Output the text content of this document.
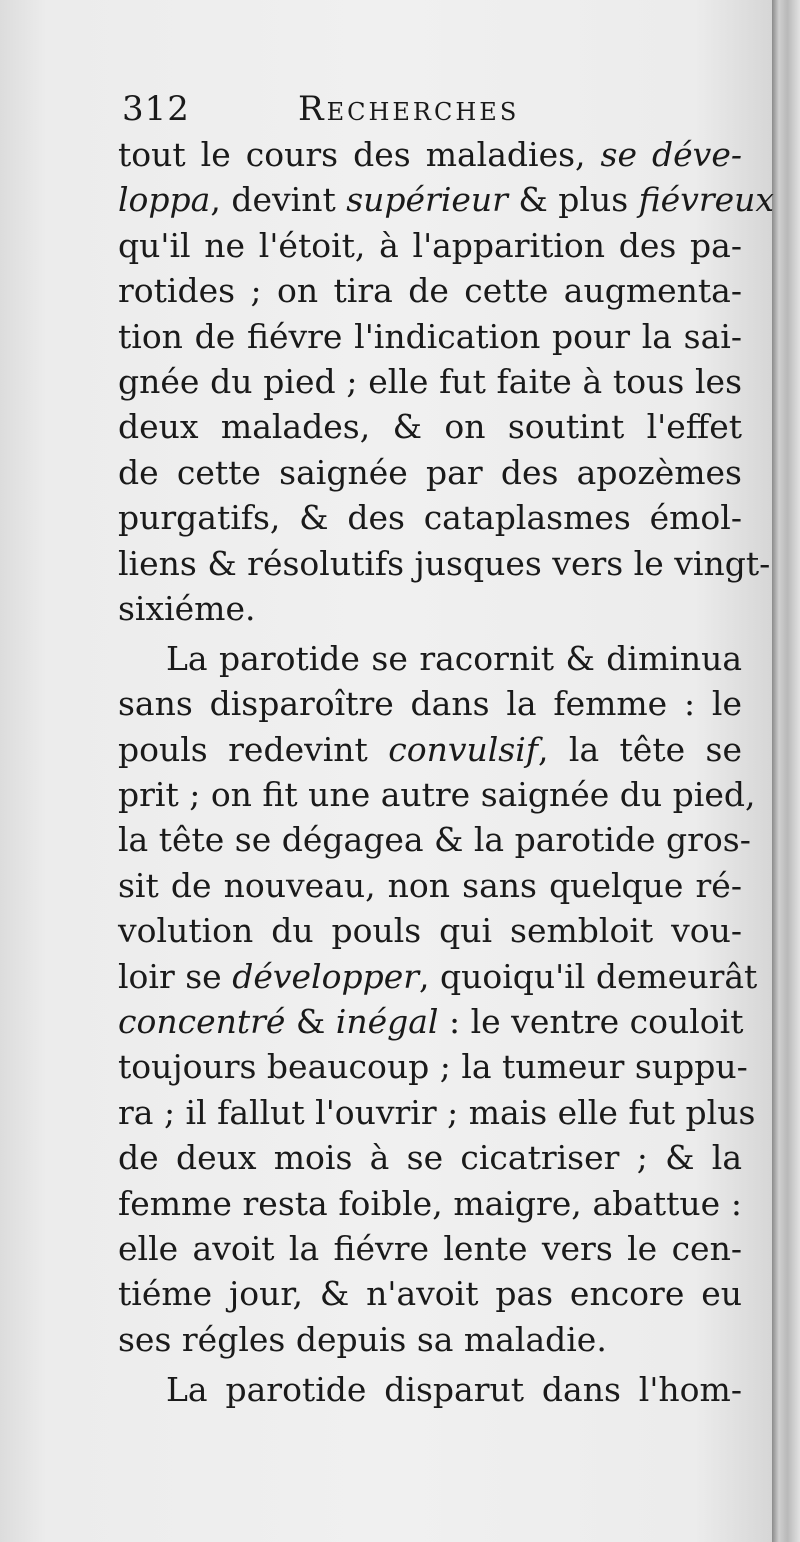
312	Recherches
tout le cours des maladies, se déve-
loppa, devint supérieur & plus fiévreux
qu'il ne l'étoit, à l'apparition des pa-
rotides ; on tira de cette augmenta-
tion de fiévre l'indication pour la sai-
gnée du pied ; elle fut faite à tous les
deux malades, & on soutint l'effet
de cette saignée par des apozèmes
purgatifs, & des cataplasmes émol-
liens & résolutifs jusques vers le vingt-
sixiéme.
La parotide se racornit & diminua
sans disparoître dans la femme : le
pouls redevint convulsif, la tête se
prit ; on fit une autre saignée du pied,
la tête se dégagea & la parotide gros-
sit de nouveau, non sans quelque ré-
volution du pouls qui sembloit vou-
loir se développer, quoiqu'il demeurât
concentré & inégal : le ventre couloit
toujours beaucoup ; la tumeur suppu-
ra ; il fallut l'ouvrir ; mais elle fut plus
de deux mois à se cicatriser ; & la
femme resta foible, maigre, abattue :
elle avoit la fiévre lente vers le cen-
tiéme jour, & n'avoit pas encore eu
ses régles depuis sa maladie.
La parotide disparut dans l'hom-
